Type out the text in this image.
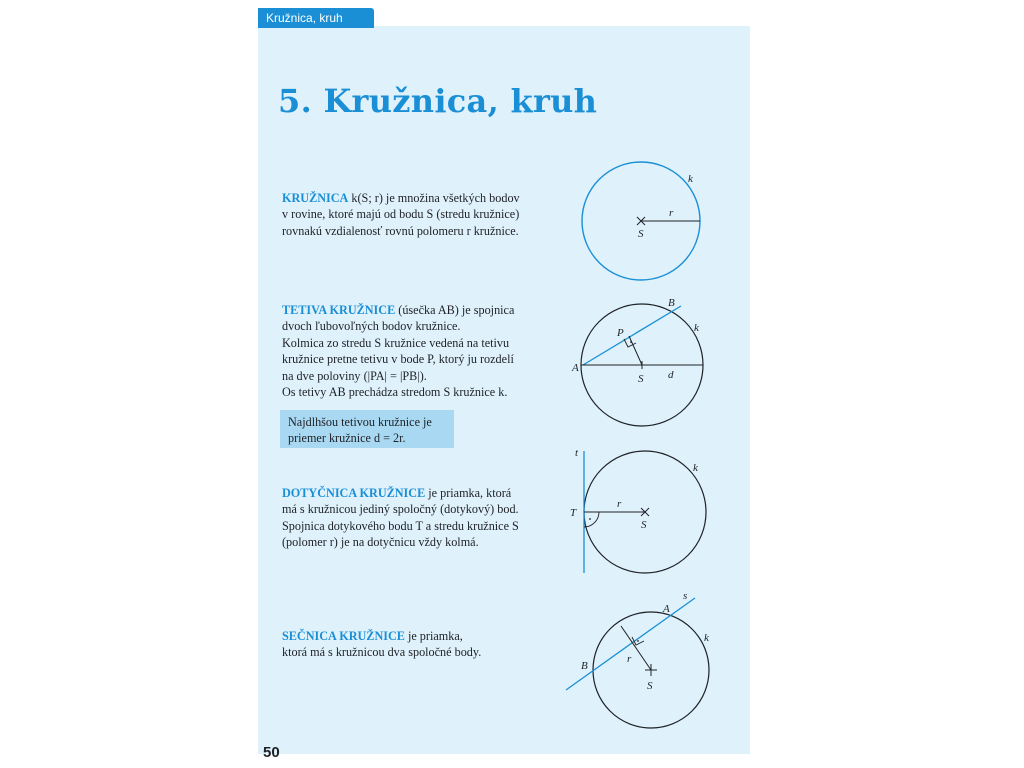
Kružnica, kruh
5. Kružnica, kruh
KRUŽNICA k(S; r) je množina všetkých bodov
v rovine, ktoré majú od bodu S (stredu kružnice)
rovnakú vzdialenosť rovnú polomeru r kružnice.
TETIVA KRUŽNICE (úsečka AB) je spojnica
dvoch ľubovoľných bodov kružnice.
Kolmica zo stredu S kružnice vedená na tetivu
kružnice pretne tetivu v bode P, ktorý ju rozdelí
na dve poloviny (|PA| = |PB|).
Os tetivy AB prechádza stredom S kružnice k.
Najdlhšou tetivou kružnice je
priemer kružnice d = 2r.
DOTYČNICA KRUŽNICE je priamka, ktorá
má s kružnicou jediný spoločný (dotykový) bod.
Spojnica dotykového bodu T a stredu kružnice S
(polomer r) je na dotyčnicu vždy kolmá.
SEČNICA KRUŽNICE je priamka,
ktorá má s kružnicou dva spoločné body.
50
k
r
S
B
P	k
A
S d
t
k
T
r
S
s
A
k
B
r
S
